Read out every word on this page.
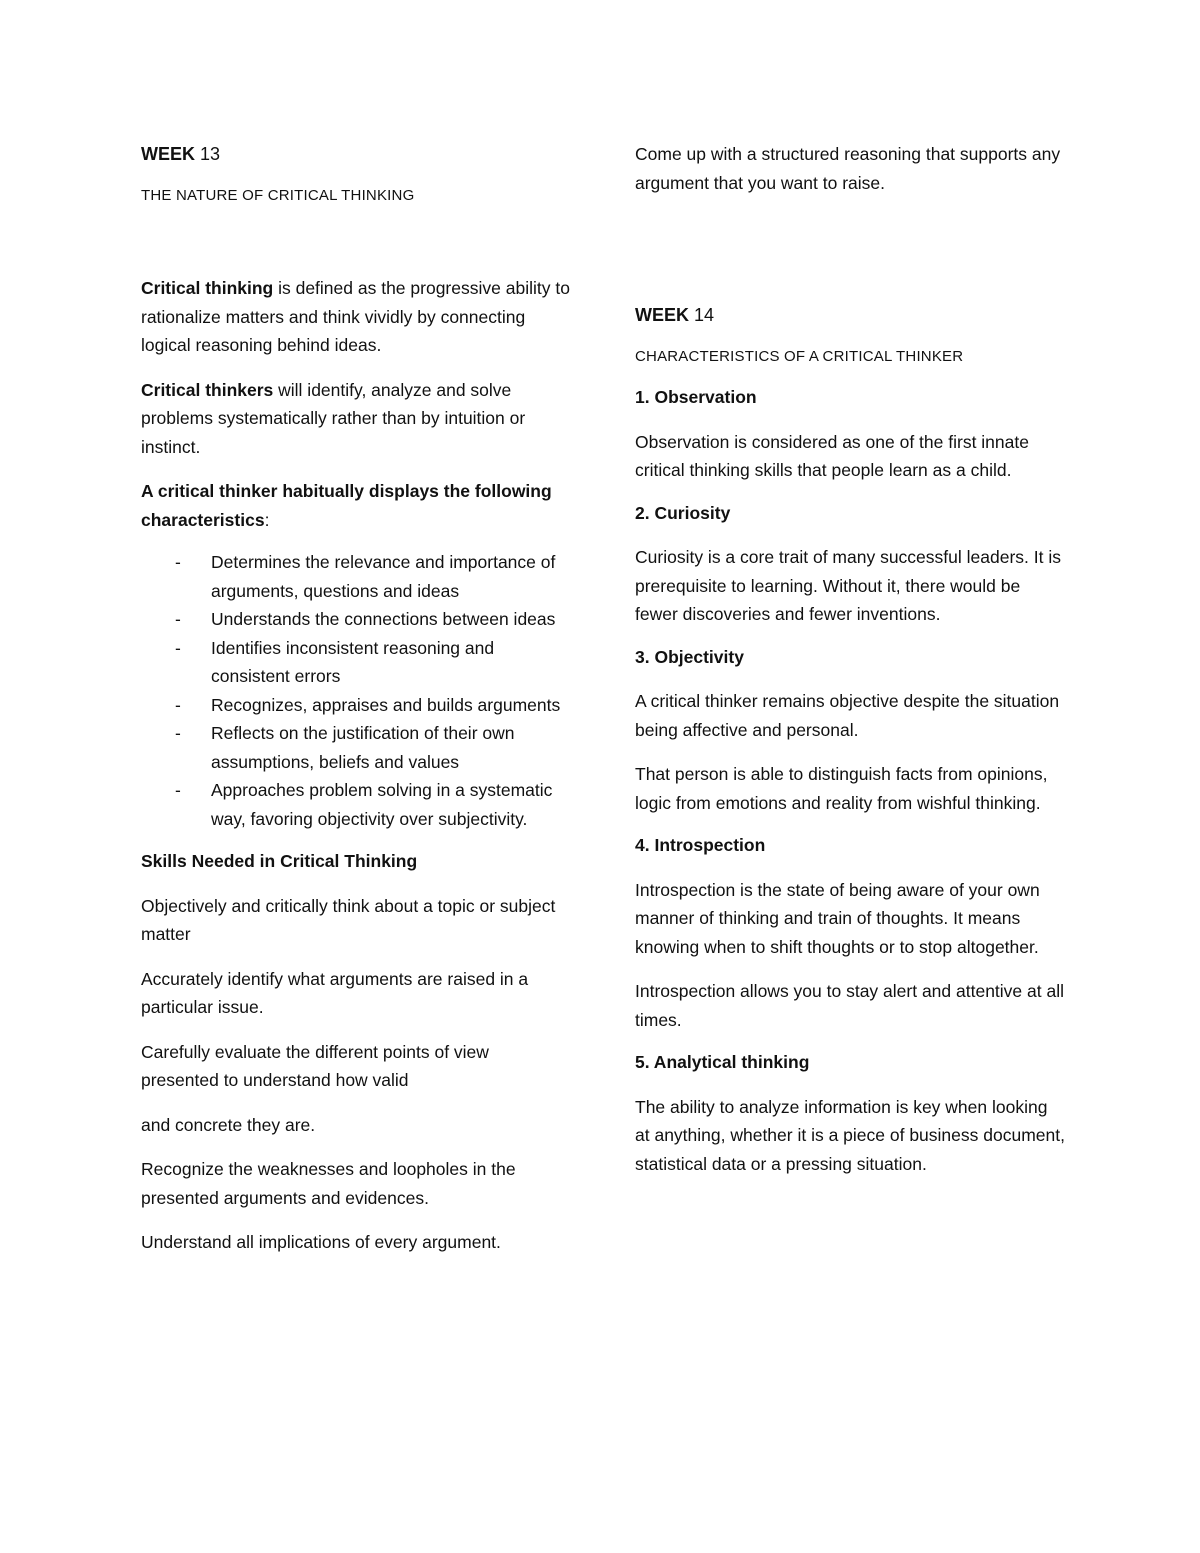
WEEK 13

THE NATURE OF CRITICAL THINKING

Critical thinking is defined as the progressive ability to rationalize matters and think vividly by connecting logical reasoning behind ideas.

Critical thinkers will identify, analyze and solve problems systematically rather than by intuition or instinct.

A critical thinker habitually displays the following characteristics:

- Determines the relevance and importance of arguments, questions and ideas
- Understands the connections between ideas
- Identifies inconsistent reasoning and consistent errors
- Recognizes, appraises and builds arguments
- Reflects on the justification of their own assumptions, beliefs and values
- Approaches problem solving in a systematic way, favoring objectivity over subjectivity.

Skills Needed in Critical Thinking

Objectively and critically think about a topic or subject matter

Accurately identify what arguments are raised in a particular issue.

Carefully evaluate the different points of view presented to understand how valid

and concrete they are.

Recognize the weaknesses and loopholes in the presented arguments and evidences.

Understand all implications of every argument.

Come up with a structured reasoning that supports any argument that you want to raise.

WEEK 14

CHARACTERISTICS OF A CRITICAL THINKER

1. Observation

Observation is considered as one of the first innate critical thinking skills that people learn as a child.

2. Curiosity

Curiosity is a core trait of many successful leaders. It is prerequisite to learning. Without it, there would be fewer discoveries and fewer inventions.

3. Objectivity

A critical thinker remains objective despite the situation being affective and personal.

That person is able to distinguish facts from opinions, logic from emotions and reality from wishful thinking.

4. Introspection

Introspection is the state of being aware of your own manner of thinking and train of thoughts. It means knowing when to shift thoughts or to stop altogether.

Introspection allows you to stay alert and attentive at all times.

5. Analytical thinking

The ability to analyze information is key when looking at anything, whether it is a piece of business document, statistical data or a pressing situation.
